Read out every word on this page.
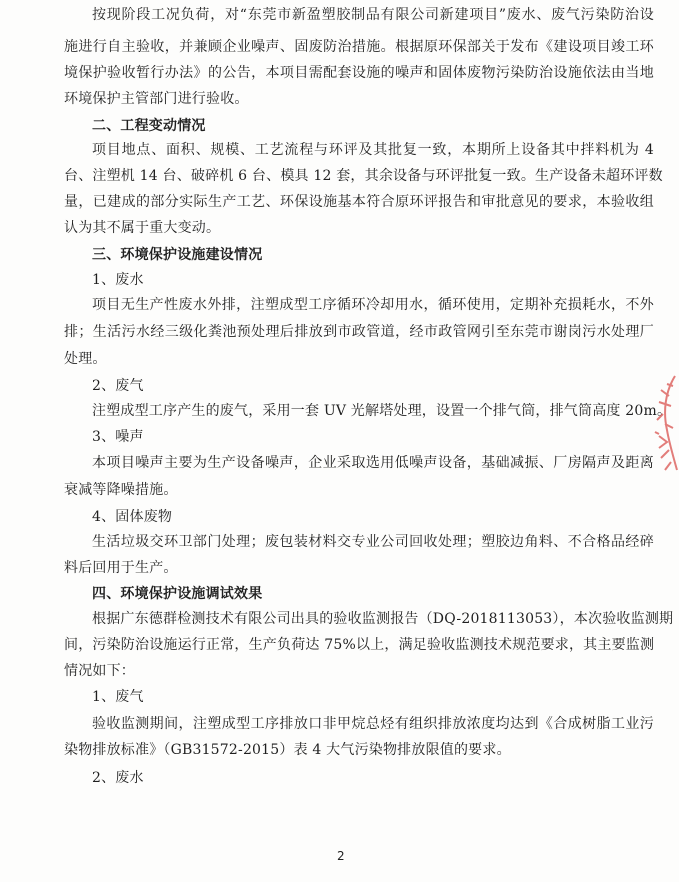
按现阶段工况负荷，对“东莞市新盈塑胶制品有限公司新建项目”废水、废气污染防治设
施进行自主验收，并兼顾企业噪声、固废防治措施。根据原环保部关于发布《建设项目竣工环
境保护验收暂行办法》的公告，本项目需配套设施的噪声和固体废物污染防治设施依法由当地
环境保护主管部门进行验收。
二、工程变动情况
项目地点、面积、规模、工艺流程与环评及其批复一致，本期所上设备其中拌料机为 4
台、注塑机 14 台、破碎机 6 台、模具 12 套，其余设备与环评批复一致。生产设备未超环评数
量，已建成的部分实际生产工艺、环保设施基本符合原环评报告和审批意见的要求，本验收组
认为其不属于重大变动。
三、环境保护设施建设情况
1、废水
项目无生产性废水外排，注塑成型工序循环冷却用水，循环使用，定期补充损耗水，不外
排；生活污水经三级化粪池预处理后排放到市政管道，经市政管网引至东莞市谢岗污水处理厂
处理。
2、废气
注塑成型工序产生的废气，采用一套 UV 光解塔处理，设置一个排气筒，排气筒高度 20m。
3、噪声
本项目噪声主要为生产设备噪声，企业采取选用低噪声设备，基础减振、厂房隔声及距离
衰减等降噪措施。
4、固体废物
生活垃圾交环卫部门处理；废包装材料交专业公司回收处理；塑胶边角料、不合格品经碎
料后回用于生产。
四、环境保护设施调试效果
根据广东德群检测技术有限公司出具的验收监测报告（DQ-2018113053），本次验收监测期
间，污染防治设施运行正常，生产负荷达 75%以上，满足验收监测技术规范要求，其主要监测
情况如下：
1、废气
验收监测期间，注塑成型工序排放口非甲烷总烃有组织排放浓度均达到《合成树脂工业污
染物排放标准》（GB31572-2015）表 4 大气污染物排放限值的要求。
2、废水
2
